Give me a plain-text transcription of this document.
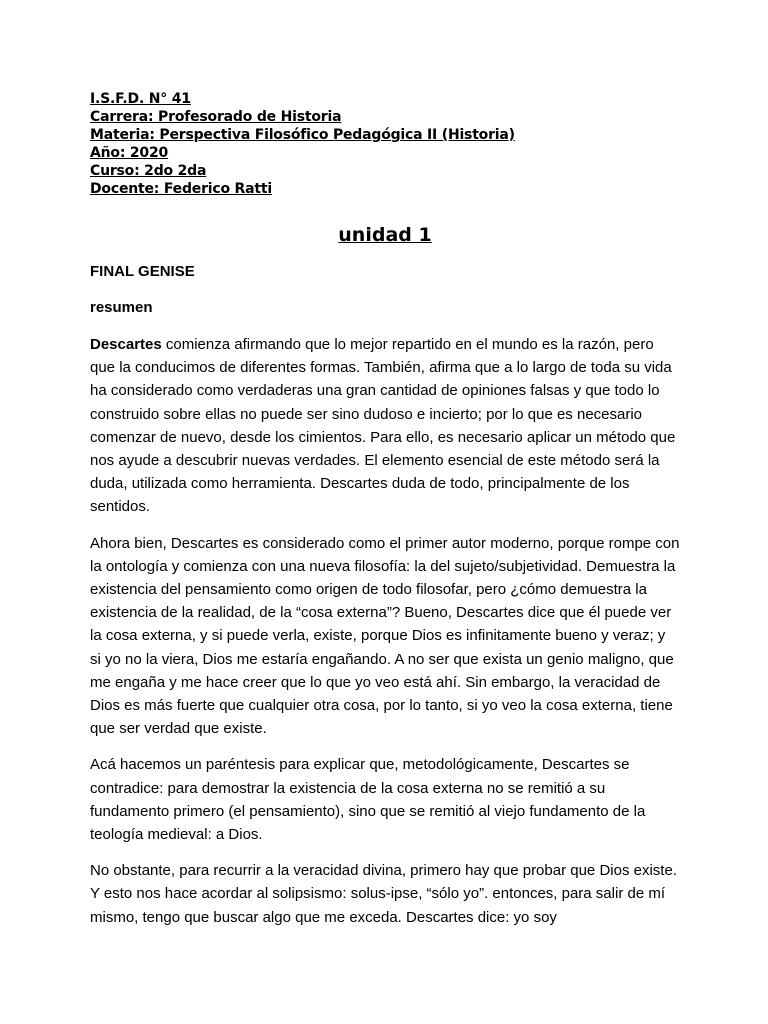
I.S.F.D. N° 41
Carrera: Profesorado de Historia
Materia: Perspectiva Filosófico Pedagógica II (Historia)
Año: 2020
Curso: 2do 2da
Docente: Federico Ratti
unidad 1
FINAL GENISE
resumen

Descartes comienza afirmando que lo mejor repartido en el mundo es la razón, pero que la conducimos de diferentes formas. También, afirma que a lo largo de toda su vida ha considerado como verdaderas una gran cantidad de opiniones falsas y que todo lo construido sobre ellas no puede ser sino dudoso e incierto; por lo que es necesario comenzar de nuevo, desde los cimientos. Para ello, es necesario aplicar un método que nos ayude a descubrir nuevas verdades. El elemento esencial de este método será la duda, utilizada como herramienta. Descartes duda de todo, principalmente de los sentidos.

Ahora bien, Descartes es considerado como el primer autor moderno, porque rompe con la ontología y comienza con una nueva filosofía: la del sujeto/subjetividad. Demuestra la existencia del pensamiento como origen de todo filosofar, pero ¿cómo demuestra la existencia de la realidad, de la “cosa externa”? Bueno, Descartes dice que él puede ver la cosa externa, y si puede verla, existe, porque Dios es infinitamente bueno y veraz; y si yo no la viera, Dios me estaría engañando. A no ser que exista un genio maligno, que me engaña y me hace creer que lo que yo veo está ahí. Sin embargo, la veracidad de Dios es más fuerte que cualquier otra cosa, por lo tanto, si yo veo la cosa externa, tiene que ser verdad que existe.

Acá hacemos un paréntesis para explicar que, metodológicamente, Descartes se contradice: para demostrar la existencia de la cosa externa no se remitió a su fundamento primero (el pensamiento), sino que se remitió al viejo fundamento de la teología medieval: a Dios.

No obstante, para recurrir a la veracidad divina, primero hay que probar que Dios existe. Y esto nos hace acordar al solipsismo: solus-ipse, “sólo yo”. entonces, para salir de mí mismo, tengo que buscar algo que me exceda. Descartes dice: yo soy
